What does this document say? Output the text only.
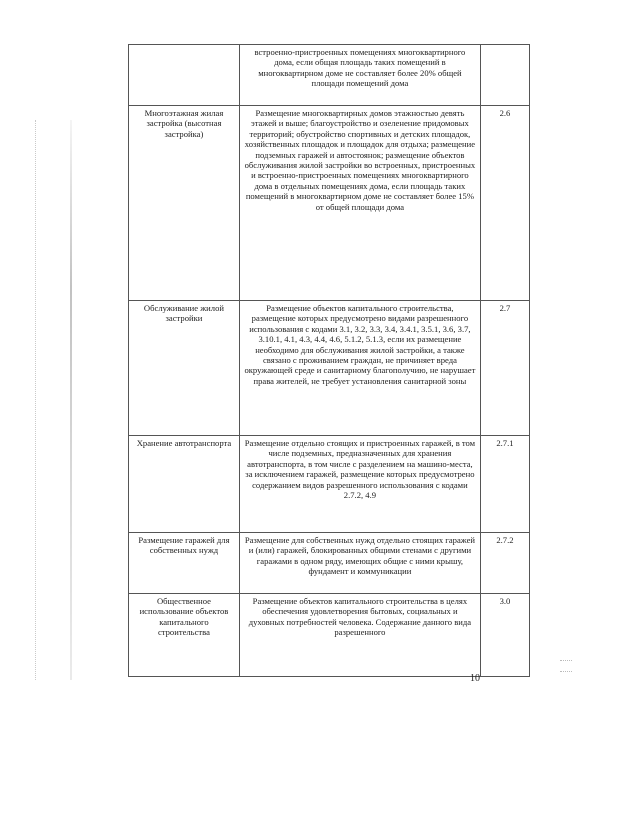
	встроенно-пристроенных помещениях многоквартирного дома, если общая площадь таких помещений в многоквартирном доме не составляет более 20% общей площади помещений дома	
Многоэтажная жилая застройка (высотная застройка)	Размещение многоквартирных домов этажностью девять этажей и выше; благоустройство и озеленение придомовых территорий; обустройство спортивных и детских площадок, хозяйственных площадок и площадок для отдыха; размещение подземных гаражей и автостоянок; размещение объектов обслуживания жилой застройки во встроенных, пристроенных и встроенно-пристроенных помещениях многоквартирного дома в отдельных помещениях дома, если площадь таких помещений в многоквартирном доме не составляет более 15% от общей площади дома	2.6
Обслуживание жилой застройки	Размещение объектов капитального строительства, размещение которых предусмотрено видами разрешенного использования с кодами 3.1, 3.2, 3.3, 3.4, 3.4.1, 3.5.1, 3.6, 3.7, 3.10.1, 4.1, 4.3, 4.4, 4.6, 5.1.2, 5.1.3, если их размещение необходимо для обслуживания жилой застройки, а также связано с проживанием граждан, не причиняет вреда окружающей среде и санитарному благополучию, не нарушает права жителей, не требует установления санитарной зоны	2.7
Хранение автотранспорта	Размещение отдельно стоящих и пристроенных гаражей, в том числе подземных, предназначенных для хранения автотранспорта, в том числе с разделением на машино-места, за исключением гаражей, размещение которых предусмотрено содержанием видов разрешенного использования с кодами 2.7.2, 4.9	2.7.1
Размещение гаражей для собственных нужд	Размещение для собственных нужд отдельно стоящих гаражей и (или) гаражей, блокированных общими стенами с другими гаражами в одном ряду, имеющих общие с ними крышу, фундамент и коммуникации	2.7.2
Общественное использование объектов капитального строительства	Размещение объектов капитального строительства в целях обеспечения удовлетворения бытовых, социальных и духовных потребностей человека. Содержание данного вида разрешенного	3.0
10
